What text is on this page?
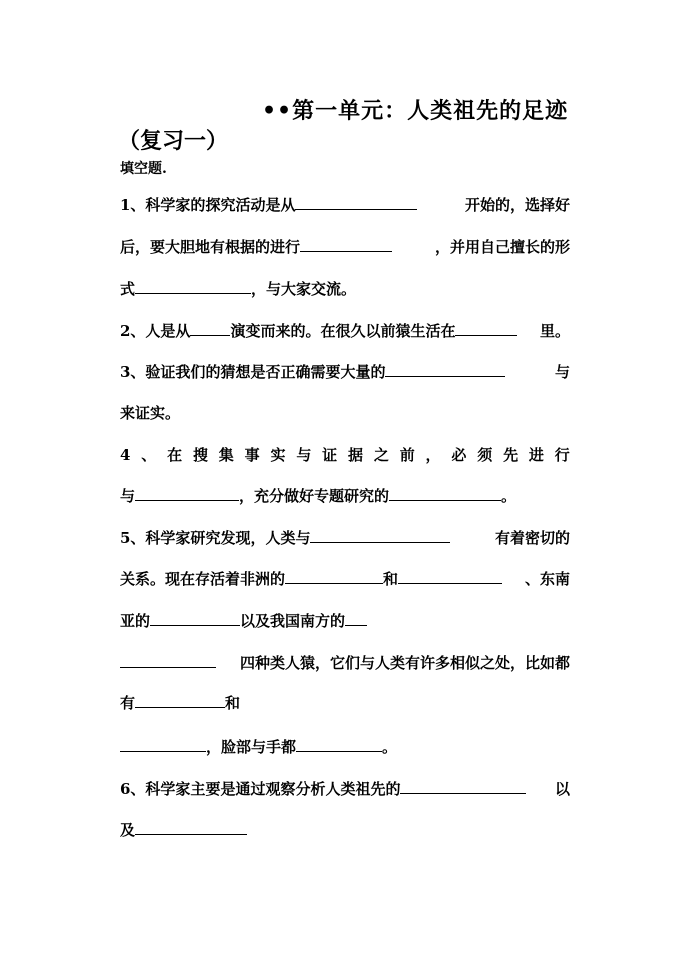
••第一单元：人类祖先的足迹
（复习一）
填空题.
1、科学家的探究活动是从	开始的，选择好
后，要大胆地有根据的进行	，并用自己擅长的形
式	，与大家交流。
2、人是从	演变而来的。在很久以前猿生活在	里。
3、验证我们的猜想是否正确需要大量的	与
来证实。
4 、 在 搜 集 事 实 与 证 据 之 前 ， 必 须 先 进 行
与	，充分做好专题研究的	。
5、科学家研究发现，人类与	有着密切的
关系。现在存活着非洲的	和	、东南
亚的	以及我国南方的
四种类人猿，它们与人类有许多相似之处，比如都
有	和
，脸部与手都	。
6、科学家主要是通过观察分析人类祖先的	以
及
